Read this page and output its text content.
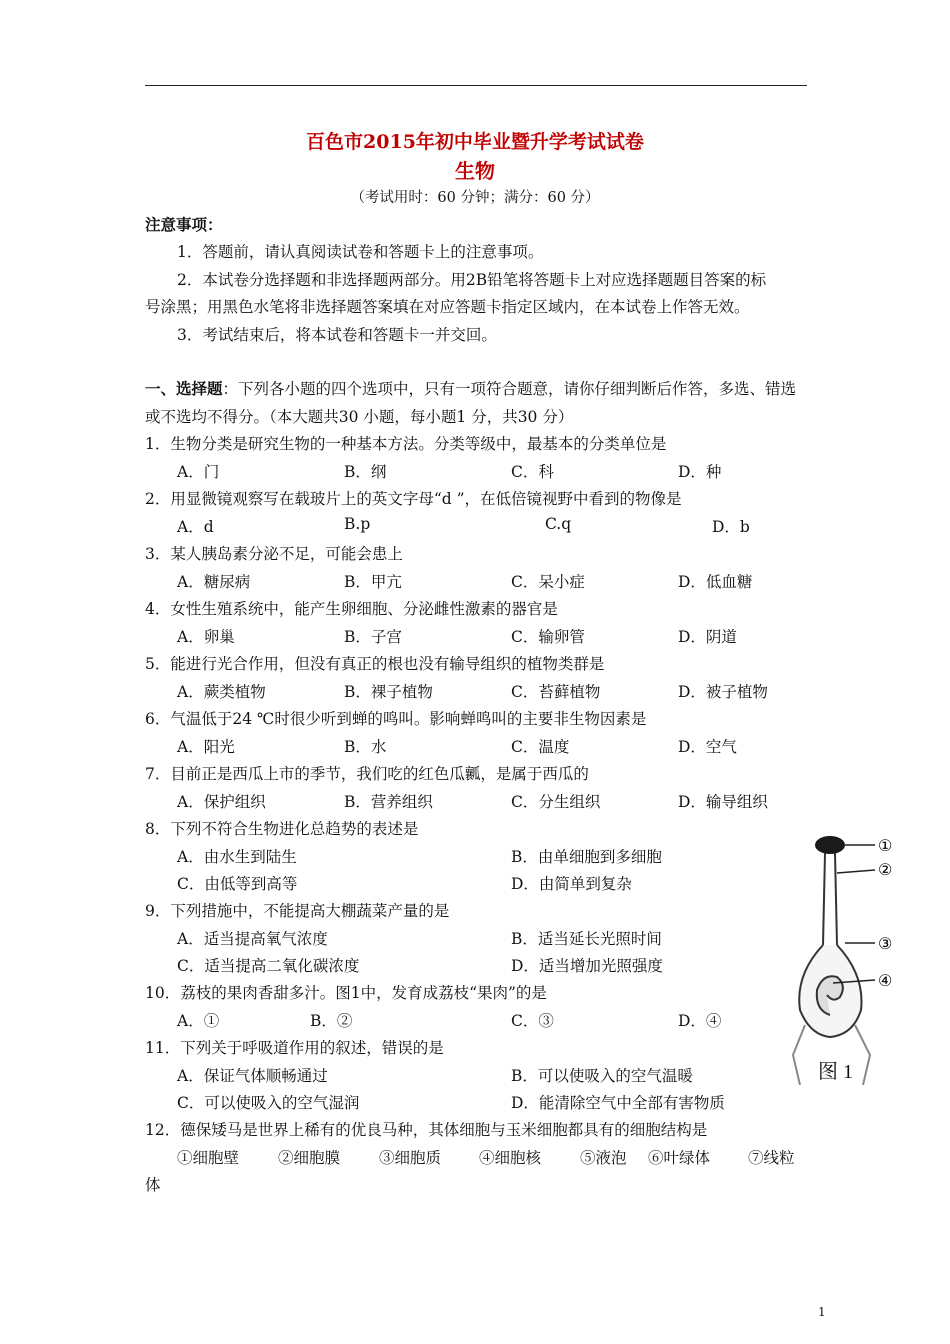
百色市2015年初中毕业暨升学考试试卷
生物
（考试用时：60 分钟；满分：60 分）
注意事项：
1．答题前，请认真阅读试卷和答题卡上的注意事项。
2．本试卷分选择题和非选择题两部分。用2B铅笔将答题卡上对应选择题题目答案的标
号涂黑；用黑色水笔将非选择题答案填在对应答题卡指定区域内，在本试卷上作答无效。
3．考试结束后，将本试卷和答题卡一并交回。
一、选择题：下列各小题的四个选项中，只有一项符合题意，请你仔细判断后作答，多选、错选
或不选均不得分。（本大题共30 小题，每小题1 分，共30 分）
1．生物分类是研究生物的一种基本方法。分类等级中，最基本的分类单位是
A．门	B．纲	C．科	D．种
2．用显微镜观察写在载玻片上的英文字母“d ”，在低倍镜视野中看到的物像是
A．d	B.p	C.q	D．b
3．某人胰岛素分泌不足，可能会患上
A．糖尿病	B．甲亢	C．呆小症	D．低血糖
4．女性生殖系统中，能产生卵细胞、分泌雌性激素的器官是
A．卵巢	B．子宫	C．输卵管	D．阴道
5．能进行光合作用，但没有真正的根也没有输导组织的植物类群是
A．蕨类植物	B．裸子植物	C．苔藓植物	D．被子植物
6．气温低于24 ℃时很少听到蝉的鸣叫。影响蝉鸣叫的主要非生物因素是
A．阳光	B．水	C．温度	D．空气
7．目前正是西瓜上市的季节，我们吃的红色瓜瓤，是属于西瓜的
A．保护组织	B．营养组织	C．分生组织	D．输导组织
8．下列不符合生物进化总趋势的表述是
A．由水生到陆生	B．由单细胞到多细胞
C．由低等到高等	D．由简单到复杂
9．下列措施中，不能提高大棚蔬菜产量的是
A．适当提高氧气浓度	B．适当延长光照时间
C．适当提高二氧化碳浓度	D．适当增加光照强度
10．荔枝的果肉香甜多汁。图1中，发育成荔枝“果肉”的是
A．①	B．②	C．③	D．④
11．下列关于呼吸道作用的叙述，错误的是
A．保证气体顺畅通过	B．可以使吸入的空气温暖
C．可以使吸入的空气湿润	D．能清除空气中全部有害物质
12．德保矮马是世界上稀有的优良马种，其体细胞与玉米细胞都具有的细胞结构是
①细胞壁	②细胞膜	③细胞质 ④细胞核	⑤液泡 ⑥叶绿体 ⑦线粒
体
①
②
③
④
图 1
1
